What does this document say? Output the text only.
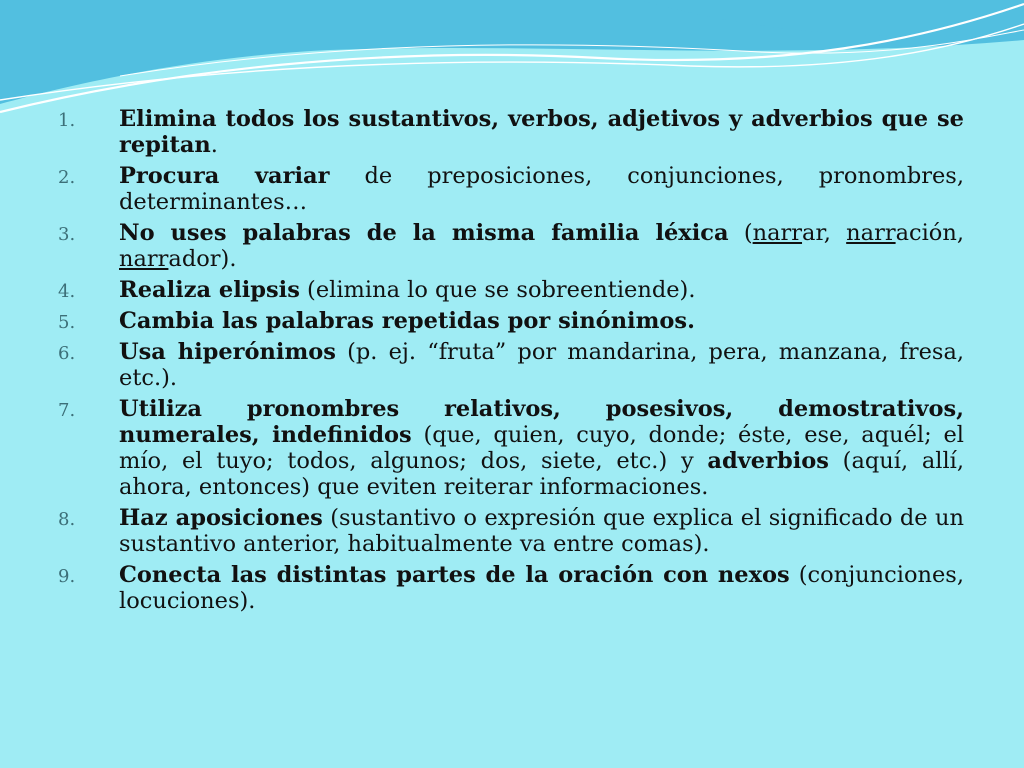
1. Elimina todos los sustantivos, verbos, adjetivos y adverbios que se repitan.
2. Procura variar de preposiciones, conjunciones, pronombres, determinantes…
3. No uses palabras de la misma familia léxica (narrar, narración, narrador).
4. Realiza elipsis (elimina lo que se sobreentiende).
5. Cambia las palabras repetidas por sinónimos.
6. Usa hiperónimos (p. ej. “fruta” por mandarina, pera, manzana, fresa, etc.).
7. Utiliza pronombres relativos, posesivos, demostrativos, numerales, indefinidos (que, quien, cuyo, donde; éste, ese, aquél; el mío, el tuyo; todos, algunos; dos, siete, etc.) y adverbios (aquí, allí, ahora, entonces) que eviten reiterar informaciones.
8. Haz aposiciones (sustantivo o expresión que explica el significado de un sustantivo anterior, habitualmente va entre comas).
9. Conecta las distintas partes de la oración con nexos (conjunciones, locuciones).
